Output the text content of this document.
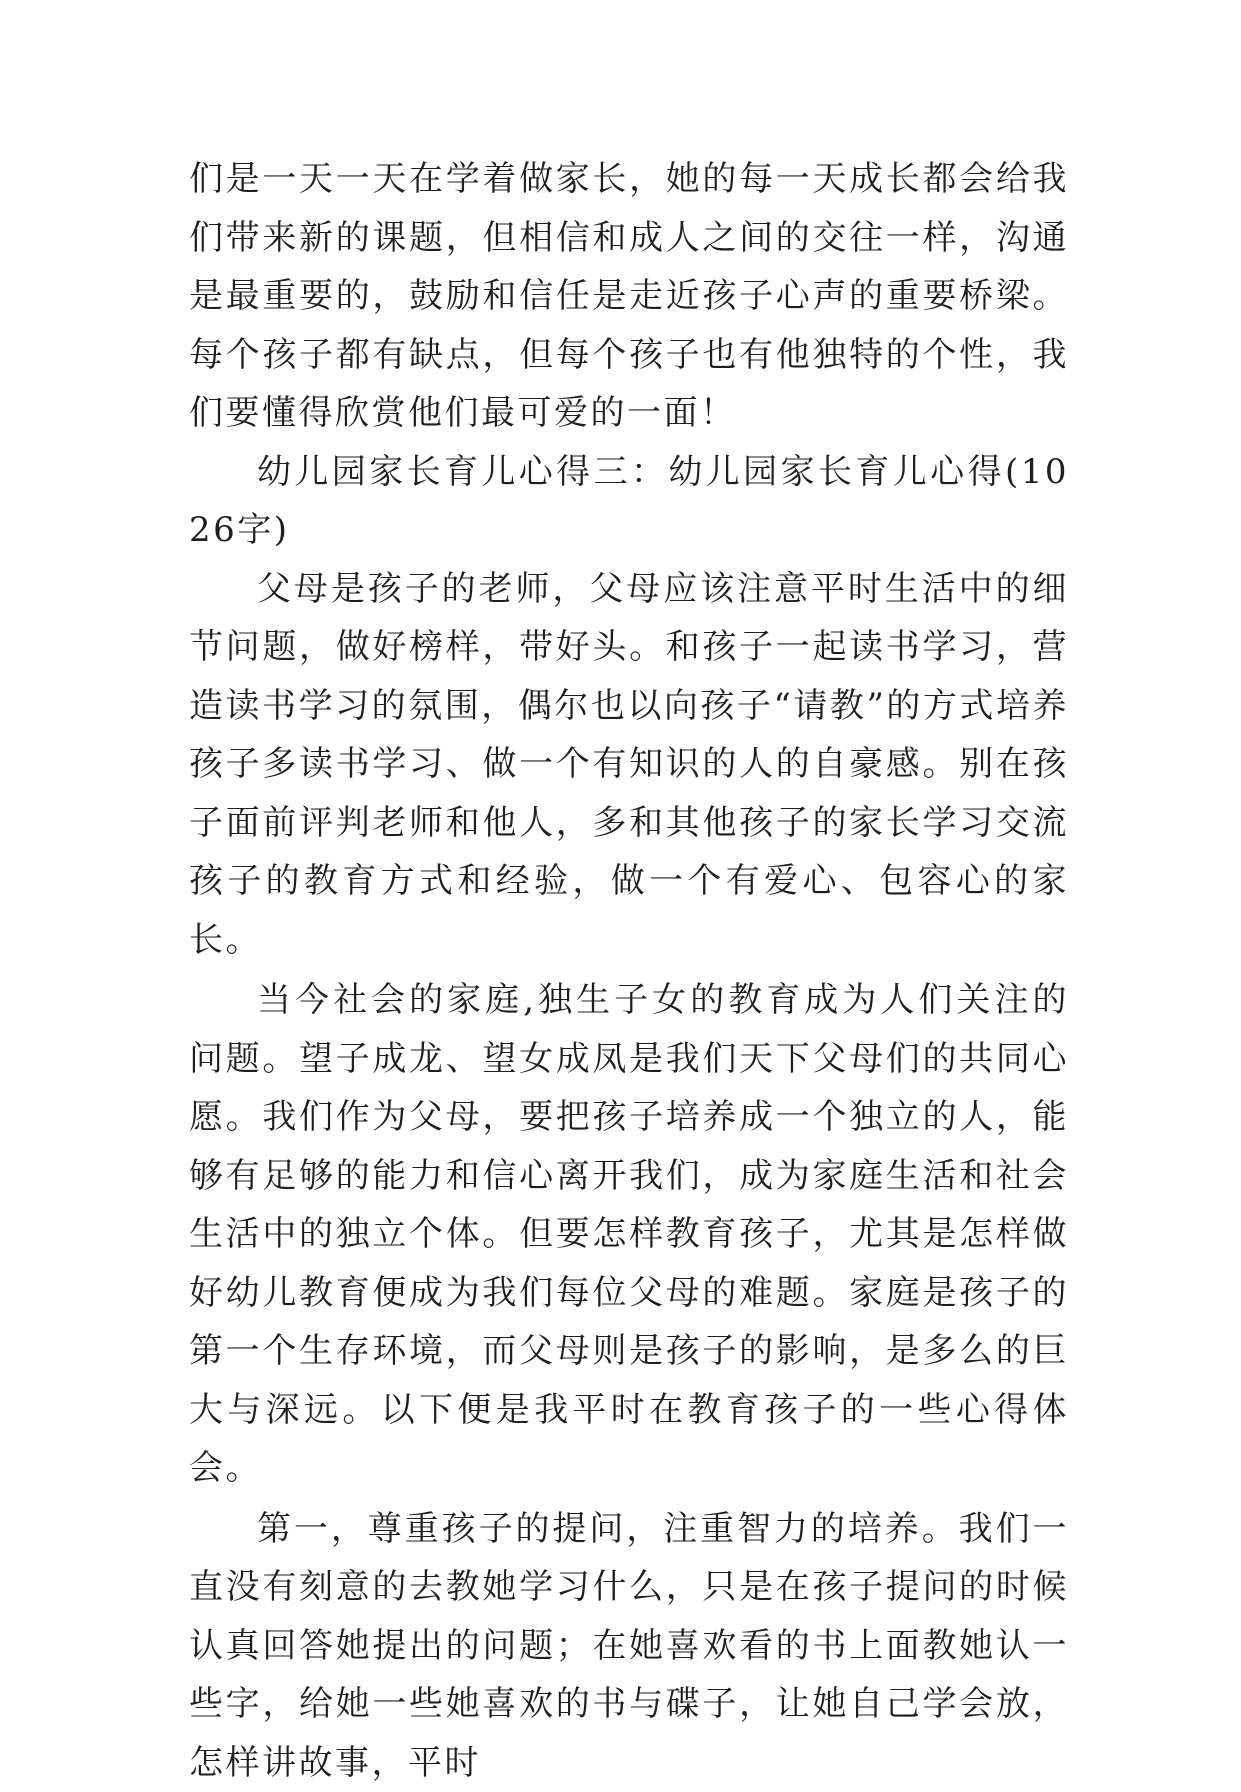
们是一天一天在学着做家长，她的每一天成长都会给我们带来新的课题，但相信和成人之间的交往一样，沟通是最重要的，鼓励和信任是走近孩子心声的重要桥梁。每个孩子都有缺点，但每个孩子也有他独特的个性，我们要懂得欣赏他们最可爱的一面！

幼儿园家长育儿心得三：幼儿园家长育儿心得(1026字)

父母是孩子的老师，父母应该注意平时生活中的细节问题，做好榜样，带好头。和孩子一起读书学习，营造读书学习的氛围，偶尔也以向孩子“请教”的方式培养孩子多读书学习、做一个有知识的人的自豪感。别在孩子面前评判老师和他人，多和其他孩子的家长学习交流孩子的教育方式和经验，做一个有爱心、包容心的家长。

当今社会的家庭,独生子女的教育成为人们关注的问题。望子成龙、望女成凤是我们天下父母们的共同心愿。我们作为父母，要把孩子培养成一个独立的人，能够有足够的能力和信心离开我们，成为家庭生活和社会生活中的独立个体。但要怎样教育孩子，尤其是怎样做好幼儿教育便成为我们每位父母的难题。家庭是孩子的第一个生存环境，而父母则是孩子的影响，是多么的巨大与深远。以下便是我平时在教育孩子的一些心得体会。

第一，尊重孩子的提问，注重智力的培养。我们一直没有刻意的去教她学习什么，只是在孩子提问的时候认真回答她提出的问题；在她喜欢看的书上面教她认一些字，给她一些她喜欢的书与碟子，让她自己学会放，怎样讲故事，平时
